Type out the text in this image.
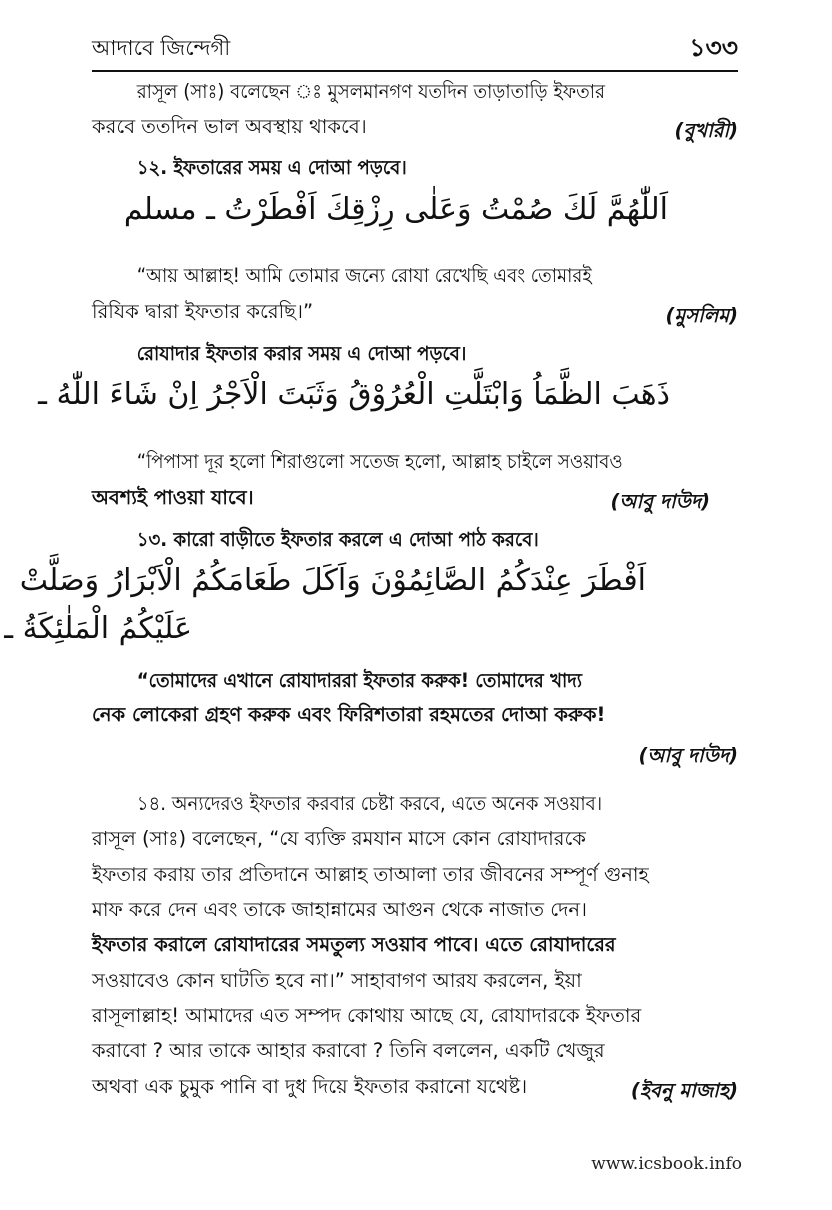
আদাবে জিন্দেগী	১৩৩
রাসূল (সাঃ) বলেছেন ঃ মুসলমানগণ যতদিন তাড়াতাড়ি ইফতার
করবে ততদিন ভাল অবস্থায় থাকবে।	(বুখারী)
১২. ইফতারের সময় এ দোআ পড়বে।
اَللّٰهُمَّ لَكَ صُمْتُ وَعَلٰى رِزْقِكَ اَفْطَرْتُ ـ مسلم
“আয় আল্লাহ! আমি তোমার জন্যে রোযা রেখেছি এবং তোমারই
রিযিক দ্বারা ইফতার করেছি।”	(মুসলিম)
রোযাদার ইফতার করার সময় এ দোআ পড়বে।
ذَهَبَ الظَّمَاُ وَابْتَلَّتِ الْعُرُوْقُ وَثَبَتَ الْاَجْرُ اِنْ شَاءَ اللّٰهُ ـ
“পিপাসা দূর হলো শিরাগুলো সতেজ হলো, আল্লাহ চাইলে সওয়াবও
অবশ্যই পাওয়া যাবে।	(আবু দাউদ)
১৩. কারো বাড়ীতে ইফতার করলে এ দোআ পাঠ করবে।
اَفْطَرَ عِنْدَكُمُ الصَّائِمُوْنَ وَاَكَلَ طَعَامَكُمُ الْاَبْرَارُ وَصَلَّتْ
عَلَيْكُمُ الْمَلٰئِكَةُ ـ
“তোমাদের এখানে রোযাদাররা ইফতার করুক! তোমাদের খাদ্য
নেক লোকেরা গ্রহণ করুক এবং ফিরিশতারা রহমতের দোআ করুক!
(আবু দাউদ)
১৪. অন্যদেরও ইফতার করবার চেষ্টা করবে, এতে অনেক সওয়াব।
রাসূল (সাঃ) বলেছেন, “যে ব্যক্তি রমযান মাসে কোন রোযাদারকে
ইফতার করায় তার প্রতিদানে আল্লাহ তাআলা তার জীবনের সম্পূর্ণ গুনাহ
মাফ করে দেন এবং তাকে জাহান্নামের আগুন থেকে নাজাত দেন।
ইফতার করালে রোযাদারের সমতুল্য সওয়াব পাবে। এতে রোযাদারের
সওয়াবেও কোন ঘাটতি হবে না।” সাহাবাগণ আরয করলেন, ইয়া
রাসূলাল্লাহ! আমাদের এত সম্পদ কোথায় আছে যে, রোযাদারকে ইফতার
করাবো ? আর তাকে আহার করাবো ? তিনি বললেন, একটি খেজুর
অথবা এক চুমুক পানি বা দুধ দিয়ে ইফতার করানো যথেষ্ট।	(ইবনু মাজাহ)
www.icsbook.info
